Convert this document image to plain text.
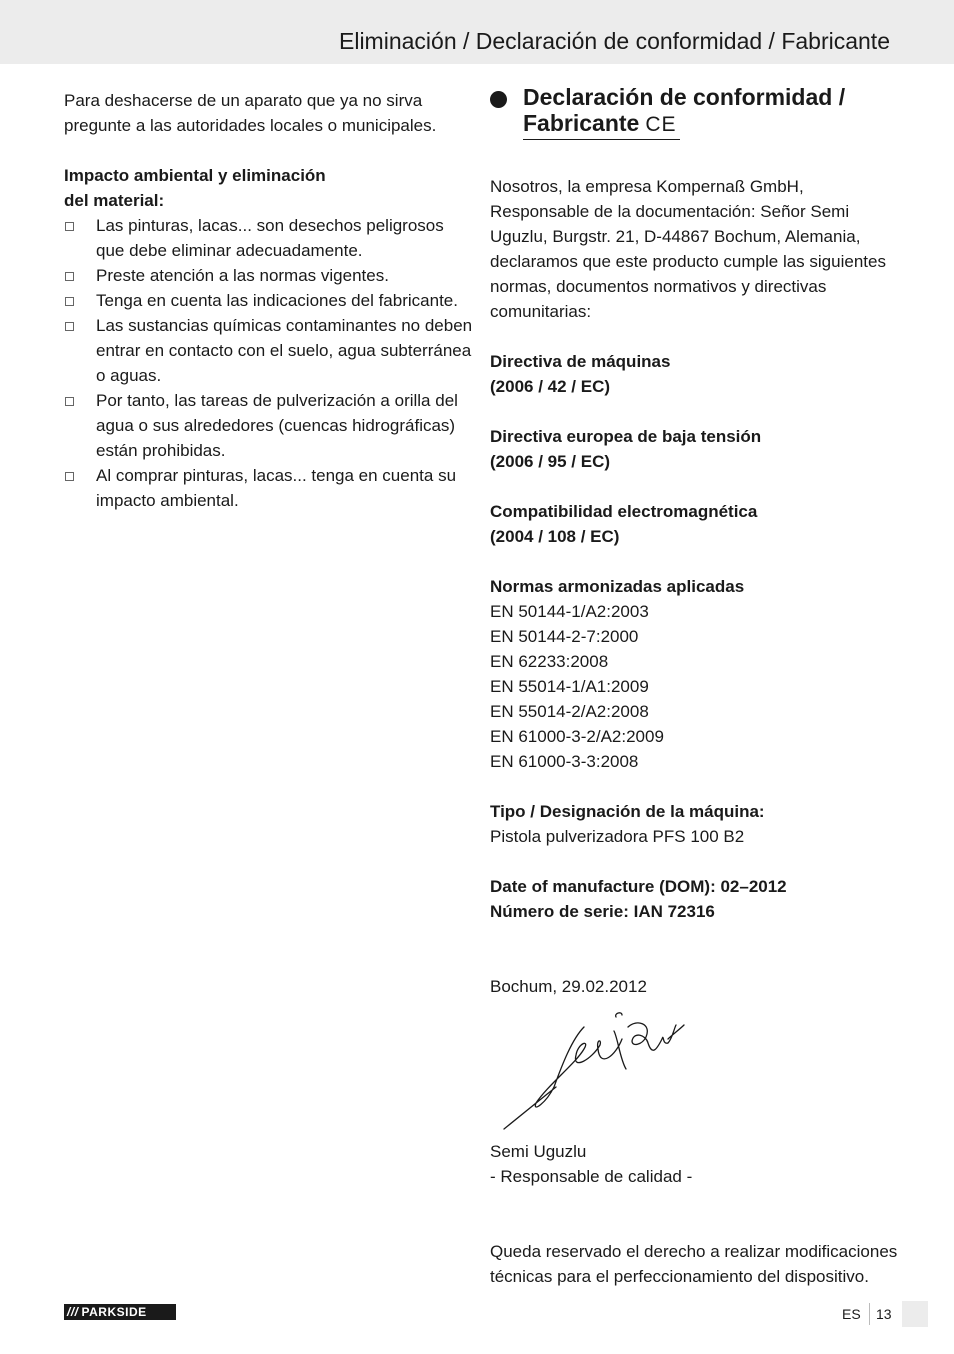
Eliminación / Declaración de conformidad / Fabricante

Para deshacerse de un aparato que ya no sirva pregunte a las autoridades locales o municipales.

Impacto ambiental y eliminación

del material:

Las pinturas, lacas... son desechos peligrosos que debe eliminar adecuadamente.
Preste atención a las normas vigentes.
Tenga en cuenta las indicaciones del fabricante.
Las sustancias químicas contaminantes no deben entrar en contacto con el suelo, agua subterránea o aguas.
Por tanto, las tareas de pulverización a orilla del agua o sus alrededores (cuencas hidrográficas) están prohibidas.
Al comprar pinturas, lacas... tenga en cuenta su impacto ambiental.
Declaración de conformidad /
Fabricante CE

Nosotros, la empresa Kompernaß GmbH, Responsable de la documentación: Señor Semi Uguzlu, Burgstr. 21, D-44867 Bochum, Alemania, declaramos que este producto cumple las siguientes normas, documentos normativos y directivas comunitarias:

Directiva de máquinas

(2006 / 42 / EC)

Directiva europea de baja tensión

(2006 / 95 / EC)

Compatibilidad electromagnética

(2004 / 108 / EC)

Normas armonizadas aplicadas

EN 50144-1/A2:2003

EN 50144-2-7:2000

EN 62233:2008

EN 55014-1/A1:2009

EN 55014-2/A2:2008

EN 61000-3-2/A2:2009

EN 61000-3-3:2008

Tipo / Designación de la máquina:

Pistola pulverizadora PFS 100 B2

Date of manufacture (DOM): 02–2012

Número de serie: IAN 72316

Bochum, 29.02.2012

Semi Uguzlu

- Responsable de calidad -

Queda reservado el derecho a realizar modificaciones técnicas para el perfeccionamiento del dispositivo.

/// PARKSIDE	ES 13
